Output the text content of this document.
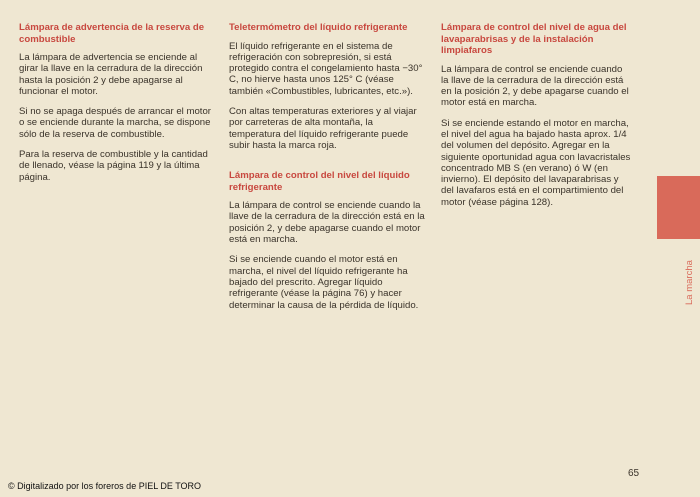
Lámpara de advertencia de la reserva de combustible

La lámpara de advertencia se enciende al girar la llave en la cerradura de la dirección hasta la posición 2 y debe apagarse al funcionar el motor.

Si no se apaga después de arrancar el motor o se enciende durante la marcha, se dispone sólo de la reserva de combustible.

Para la reserva de combustible y la cantidad de llenado, véase la página 119 y la última página.

Teletermómetro del líquido refrigerante

El líquido refrigerante en el sistema de refrigeración con sobrepresión, si está protegido contra el congelamiento hasta −30° C, no hierve hasta unos 125° C (véase también «Combustibles, lubricantes, etc.»).

Con altas temperaturas exteriores y al viajar por carreteras de alta montaña, la temperatura del líquido refrigerante puede subir hasta la marca roja.

Lámpara de control del nivel del líquido refrigerante

La lámpara de control se enciende cuando la llave de la cerradura de la dirección está en la posición 2, y debe apagarse cuando el motor está en marcha.

Si se enciende cuando el motor está en marcha, el nivel del líquido refrigerante ha bajado del prescrito. Agregar líquido refrigerante (véase la página 76) y hacer determinar la causa de la pérdida de líquido.

Lámpara de control del nivel de agua del lavaparabrisas y de la instalación limpiafaros

La lámpara de control se enciende cuando la llave de la cerradura de la dirección está en la posición 2, y debe apagarse cuando el motor está en marcha.

Si se enciende estando el motor en marcha, el nivel del agua ha bajado hasta aprox. 1/4 del volumen del depósito. Agregar en la siguiente oportunidad agua con lavacristales concentrado MB S (en verano) ó W (en invierno). El depósito del lavaparabrisas y del lavafaros está en el compartimiento del motor (véase página 128).

La marcha
65
© Digitalizado por los foreros de PIEL DE TORO
